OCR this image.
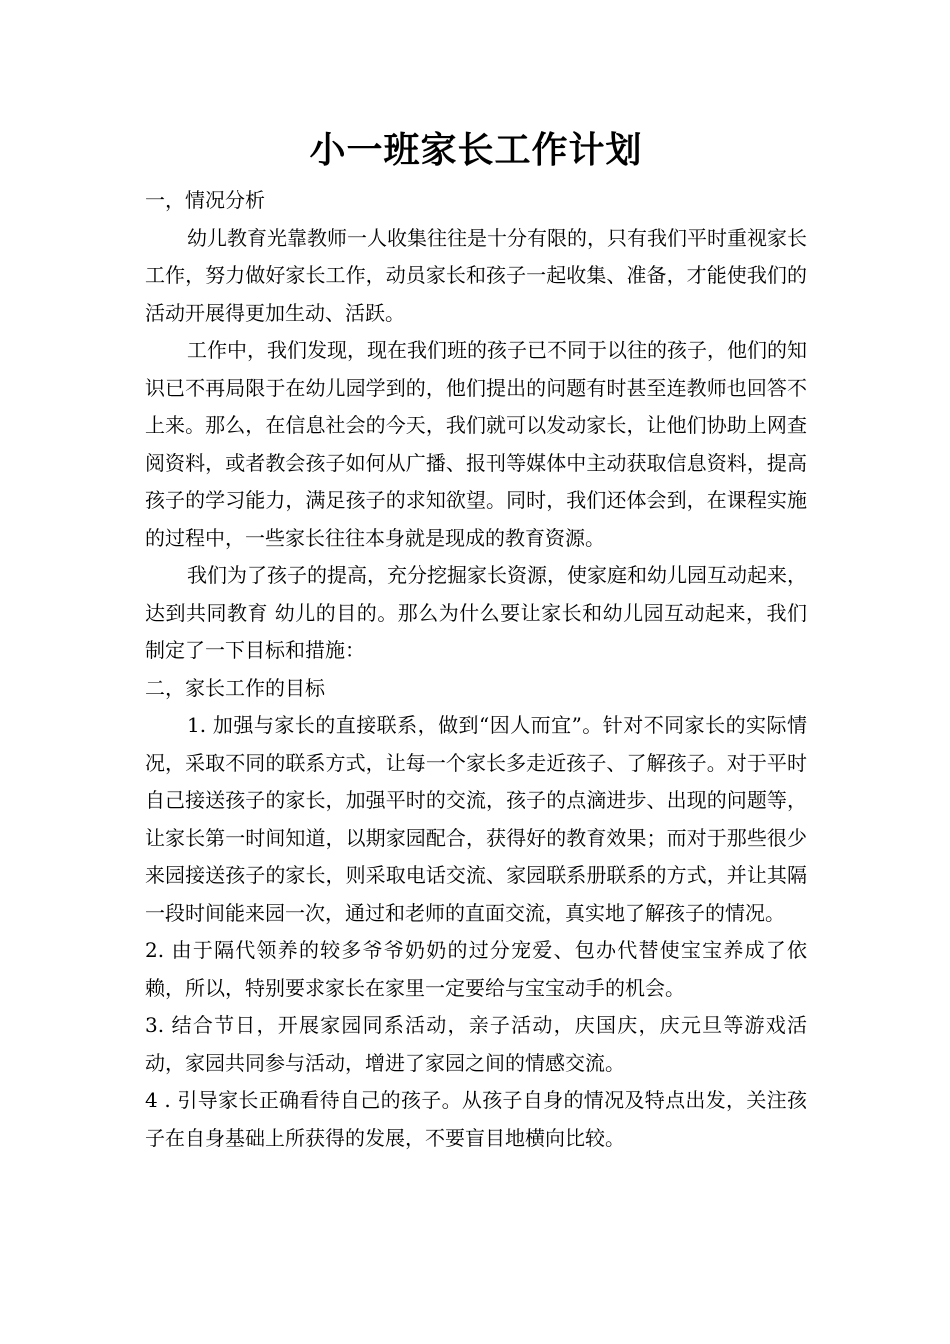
小一班家长工作计划

一，情况分析

幼儿教育光靠教师一人收集往往是十分有限的，只有我们平时重视家长工作，努力做好家长工作，动员家长和孩子一起收集、准备，才能使我们的活动开展得更加生动、活跃。

工作中，我们发现，现在我们班的孩子已不同于以往的孩子，他们的知识已不再局限于在幼儿园学到的，他们提出的问题有时甚至连教师也回答不上来。那么，在信息社会的今天，我们就可以发动家长，让他们协助上网查阅资料，或者教会孩子如何从广播、报刊等媒体中主动获取信息资料，提高孩子的学习能力，满足孩子的求知欲望。同时，我们还体会到，在课程实施的过程中，一些家长往往本身就是现成的教育资源。

我们为了孩子的提高，充分挖掘家长资源，使家庭和幼儿园互动起来，达到共同教育 幼儿的目的。那么为什么要让家长和幼儿园互动起来，我们制定了一下目标和措施：

二，家长工作的目标

1. 加强与家长的直接联系，做到“因人而宜”。针对不同家长的实际情况，采取不同的联系方式，让每一个家长多走近孩子、了解孩子。对于平时自己接送孩子的家长，加强平时的交流，孩子的点滴进步、出现的问题等，让家长第一时间知道，以期家园配合，获得好的教育效果；而对于那些很少来园接送孩子的家长，则采取电话交流、家园联系册联系的方式，并让其隔一段时间能来园一次，通过和老师的直面交流，真实地了解孩子的情况。

2. 由于隔代领养的较多爷爷奶奶的过分宠爱、包办代替使宝宝养成了依赖，所以，特别要求家长在家里一定要给与宝宝动手的机会。

3. 结合节日，开展家园同系活动，亲子活动，庆国庆，庆元旦等游戏活动，家园共同参与活动，增进了家园之间的情感交流。

4 . 引导家长正确看待自己的孩子。从孩子自身的情况及特点出发，关注孩子在自身基础上所获得的发展，不要盲目地横向比较。
